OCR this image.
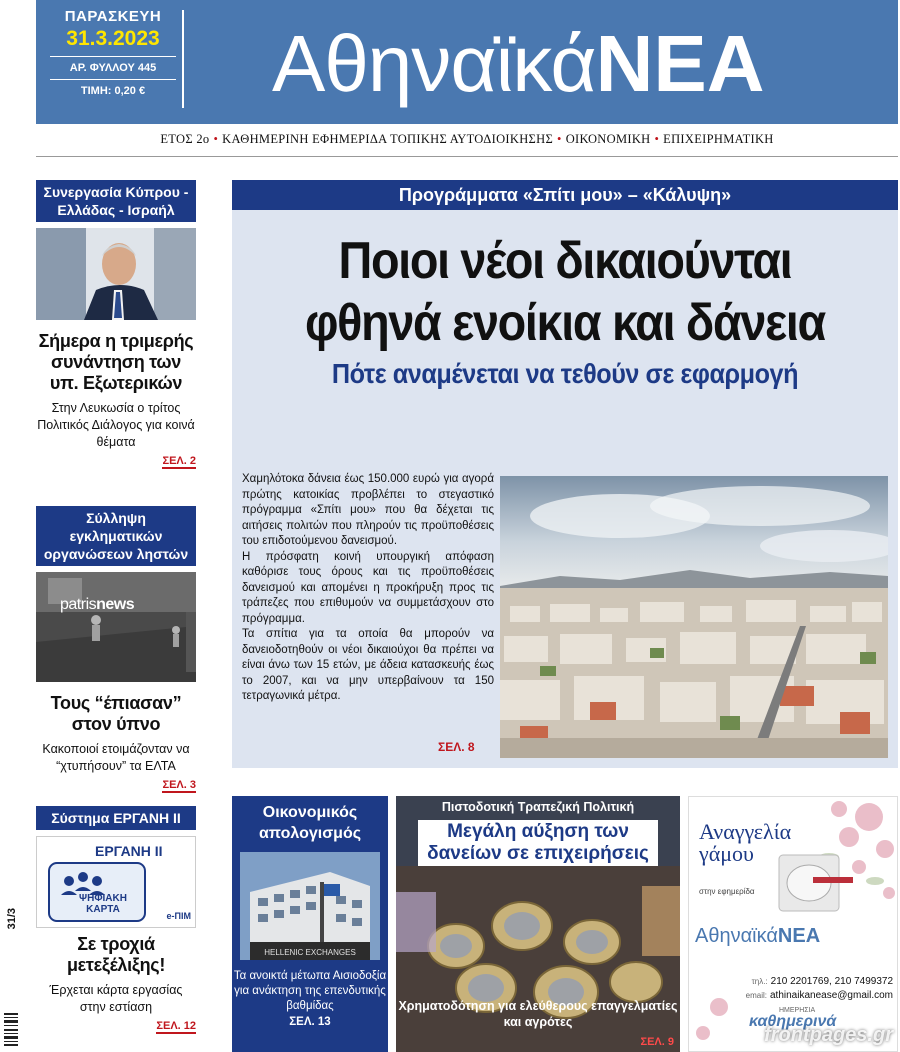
ΠΑΡΑΣΚΕΥΗ
31.3.2023
ΑΡ. ΦΥΛΛΟΥ 445
ΤΙΜΗ: 0,20 €	ΑθηναϊκάΝΕΑ
ΕΤΟΣ 2ο • ΚΑΘΗΜΕΡΙΝΗ ΕΦΗΜΕΡΙΔΑ ΤΟΠΙΚΗΣ ΑΥΤΟΔΙΟΙΚΗΣΗΣ • ΟΙΚΟΝΟΜΙΚΗ • ΕΠΙΧΕΙΡΗΜΑΤΙΚΗ
Συνεργασία Κύπρου - Ελλάδας - Ισραήλ
Σήμερα η τριμερής συνάντηση των υπ. Εξωτερικών
Στην Λευκωσία ο τρίτος Πολιτικός Διάλογος για κοινά θέματα
ΣΕΛ. 2
Σύλληψη εγκληματικών οργανώσεων ληστών
patrisnews
Τους “έπιασαν” στον ύπνο
Κακοποιοί ετοιμάζονταν να “χτυπήσουν” τα ΕΛΤΑ
ΣΕΛ. 3
Σύστημα ΕΡΓΑΝΗ ΙΙ
ΕΡΓΑΝΗ ΙΙ
ΨΗΦΙΑΚΗ
ΚΑΡΤΑ
e-ΠΙΜ
Σε τροχιά μετεξέλιξης!
Έρχεται κάρτα εργασίας στην εστίαση
ΣΕΛ. 12
Προγράμματα «Σπίτι μου» – «Κάλυψη»
Ποιοι νέοι δικαιούνται
φθηνά ενοίκια και δάνεια
Πότε αναμένεται να τεθούν σε εφαρμογή

Χαμηλότοκα δάνεια έως 150.000 ευρώ για αγορά πρώτης κατοικίας προβλέπει το στεγαστικό πρόγραμμα «Σπίτι μου» που θα δέχεται τις αιτήσεις πολιτών που πληρούν τις προϋποθέσεις του επιδοτούμενου δανεισμού.

Η πρόσφατη κοινή υπουργική απόφαση καθόρισε τους όρους και τις προϋποθέσεις δανεισμού και απομένει η προκήρυξη προς τις τράπεζες που επιθυμούν να συμμετάσχουν στο πρόγραμμα.

Τα σπίτια για τα οποία θα μπορούν να δανειοδοτηθούν οι νέοι δικαιούχοι θα πρέπει να είναι άνω των 15 ετών, με άδεια κατασκευής έως το 2007, και να μην υπερβαίνουν τα 150 τετραγωνικά μέτρα.

ΣΕΛ. 8
Οικονομικός απολογισμός
HELLENIC EXCHANGES
Τα ανοικτά μέτωπα Αισιοδοξία για ανάκτηση της επενδυτικής βαθμίδας
ΣΕΛ. 13
Πιστοδοτική Τραπεζική Πολιτική
Μεγάλη αύξηση των δανείων σε επιχειρήσεις
Χρηματοδότηση για ελεύθερους επαγγελματίες και αγρότες
ΣΕΛ. 9
Αναγγελία
γάμου
στην εφημερίδα
ΑθηναϊκάΝΕΑ
τηλ.: 210 2201769, 210 7499372
email: athinaikanease@gmail.com
ΗΜΕΡΗΣΙΑ
καθημερινά
frontpages.gr
31/3
